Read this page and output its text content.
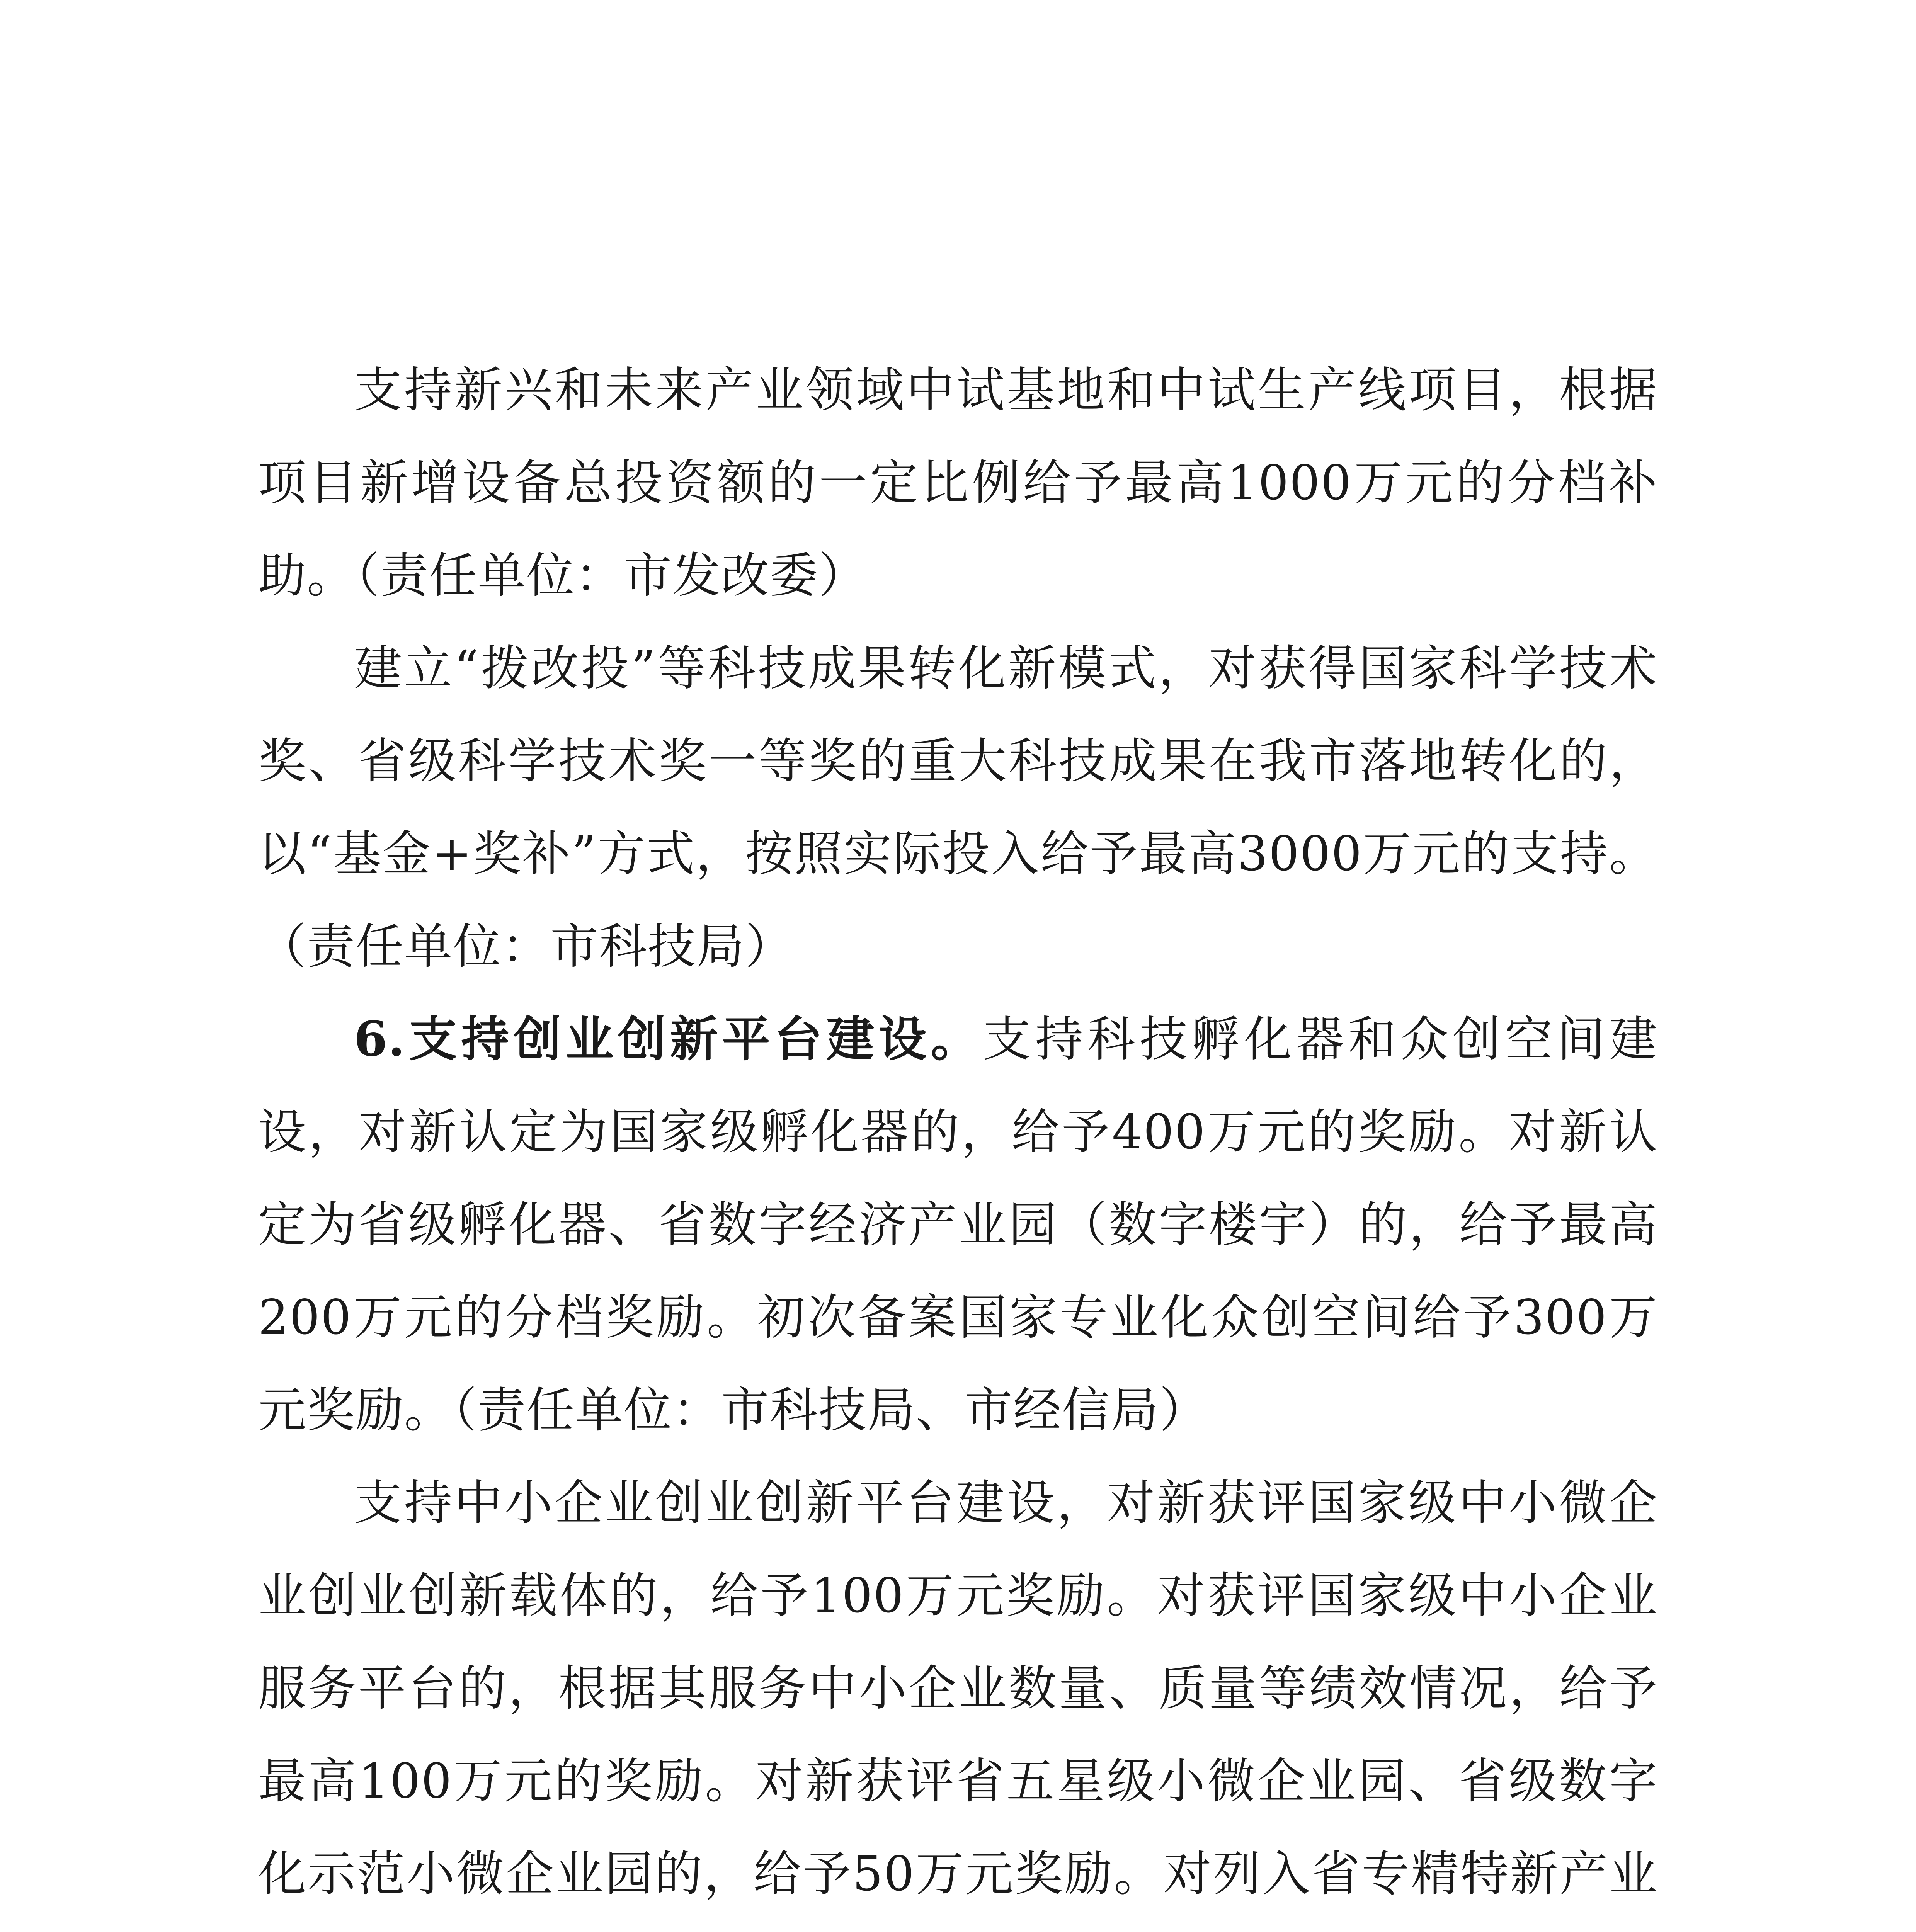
支持新兴和未来产业领域中试基地和中试生产线项目，根据项目新增设备总投资额的一定比例给予最高1000万元的分档补助。（责任单位：市发改委）

建立“拨改投”等科技成果转化新模式，对获得国家科学技术奖、省级科学技术奖一等奖的重大科技成果在我市落地转化的，以“基金+奖补”方式，按照实际投入给予最高3000万元的支持。（责任单位：市科技局）

6.支持创业创新平台建设。支持科技孵化器和众创空间建设，对新认定为国家级孵化器的，给予400万元的奖励。对新认定为省级孵化器、省数字经济产业园（数字楼宇）的，给予最高200万元的分档奖励。初次备案国家专业化众创空间给予300万元奖励。（责任单位：市科技局、市经信局）

支持中小企业创业创新平台建设，对新获评国家级中小微企业创业创新载体的，给予100万元奖励。对获评国家级中小企业服务平台的，根据其服务中小企业数量、质量等绩效情况，给予最高100万元的奖励。对新获评省五星级小微企业园、省级数字化示范小微企业园的，给予50万元奖励。对列入省专精特新产业
